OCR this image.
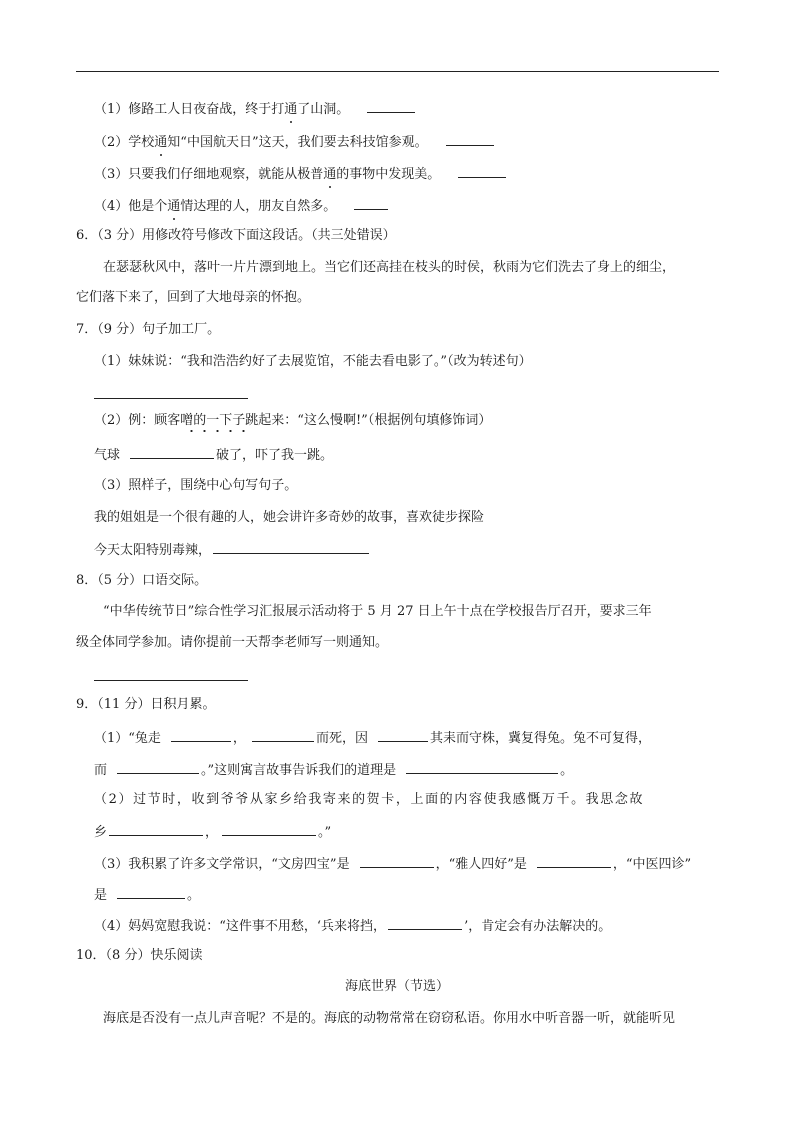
（1）修路工人日夜奋战，终于打通了山洞。
（2）学校通知“中国航天日”这天，我们要去科技馆参观。
（3）只要我们仔细地观察，就能从极普通的事物中发现美。
（4）他是个通情达理的人，朋友自然多。
6．（3 分）用修改符号修改下面这段话。（共三处错误）
在瑟瑟秋风中，落叶一片片漂到地上。当它们还高挂在枝头的时侯，秋雨为它们洗去了身上的细尘，
它们落下来了，回到了大地母亲的怀抱。
7．（9 分）句子加工厂。
（1）妹妹说：“我和浩浩约好了去展览馆，不能去看电影了。”（改为转述句）
（2）例：顾客噌的一下子
跳起来：“这么慢啊!”（根据例句填修饰词）
气球	破了，吓了我一跳。
（3）照样子，围绕中心句写句子。
我的姐姐是一个很有趣的人，她会讲许多奇妙的故事，喜欢徒步探险
今天太阳特别毒辣，
8．（5 分）口语交际。
“中华传统节日”综合性学习汇报展示活动将于 5 月 27 日上午十点在学校报告厅召开，要求三年
级全体同学参加。请你提前一天帮李老师写一则通知。
9．（11 分）日积月累。
（1）“兔走	，	而死，因	其耒而守株，冀复得兔。兔不可复得，
而	。”这则寓言故事告诉我们的道理是	。
（2）过节时，收到爷爷从家乡给我寄来的贺卡，上面的内容使我感慨万千。我思念故
乡	，	。”
（3）我积累了许多文学常识，“文房四宝”是	，“雅人四好”是	，“中医四诊”
是	。
（4）妈妈宽慰我说：“这件事不用愁，‘兵来将挡，	’，肯定会有办法解决的。
10．（8 分）快乐阅读
海底世界（节选）
海底是否没有一点儿声音呢？不是的。海底的动物常常在窃窃私语。你用水中听音器一听，就能听见
